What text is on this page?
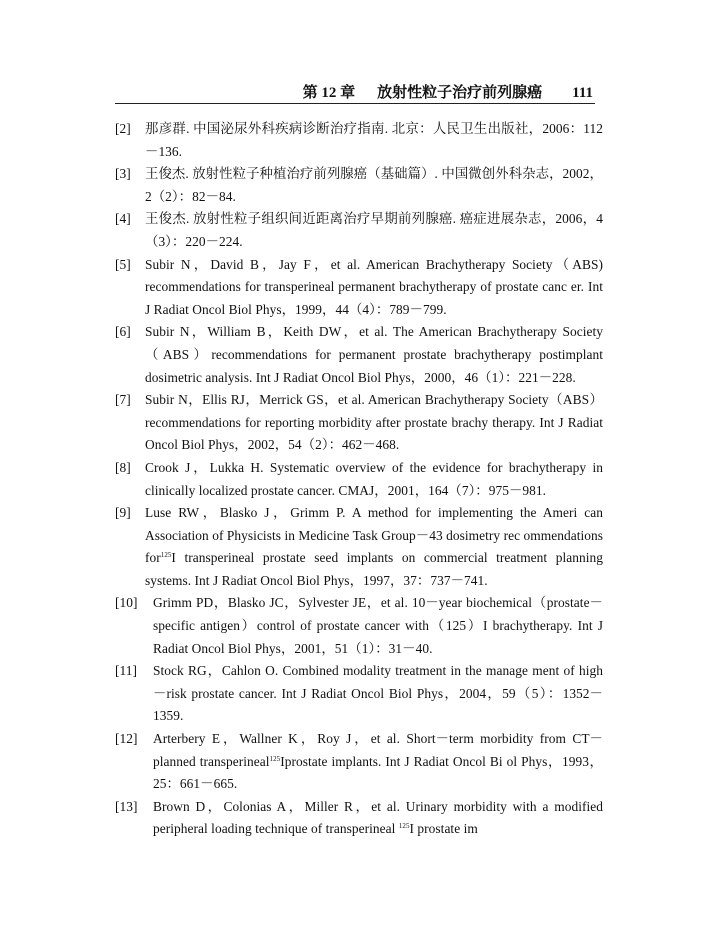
第 12 章 放射性粒子治疗前列腺癌 111
[2] 那彦群. 中国泌尿外科疾病诊断治疗指南. 北京：人民卫生出版社，2006：112－136.
[3] 王俊杰. 放射性粒子种植治疗前列腺癌（基础篇）. 中国微创外科杂志，2002，2（2）：82－84.
[4] 王俊杰. 放射性粒子组织间近距离治疗早期前列腺癌. 癌症进展杂志，2006，4（3）：220－224.
[5] Subir N，David B，Jay F，et al. American Brachytherapy Society（ABS) recommendations for transperineal permanent brachytherapy of prostate canc er. Int J Radiat Oncol Biol Phys，1999，44（4）：789－799.
[6] Subir N，William B，Keith DW，et al. The American Brachytherapy Society（ABS）recommendations for permanent prostate brachytherapy postimplant dosimetric analysis. Int J Radiat Oncol Biol Phys，2000，46（1）：221－228.
[7] Subir N，Ellis RJ，Merrick GS，et al. American Brachytherapy Society（ABS）recommendations for reporting morbidity after prostate brachy therapy. Int J Radiat Oncol Biol Phys，2002，54（2）：462－468.
[8] Crook J，Lukka H. Systematic overview of the evidence for brachytherapy in clinically localized prostate cancer. CMAJ，2001，164（7）：975－981.
[9] Luse RW，Blasko J，Grimm P. A method for implementing the Ameri can Association of Physicists in Medicine Task Group－43 dosimetry rec ommendations for$^{125}$I transperineal prostate seed implants on commercial treatment planning systems. Int J Radiat Oncol Biol Phys，1997，37：737－741.
[10] Grimm PD，Blasko JC，Sylvester JE，et al. 10－year biochemical（prostate－specific antigen）control of prostate cancer with（125）I brachytherapy. Int J Radiat Oncol Biol Phys，2001，51（1）：31－40.
[11] Stock RG，Cahlon O. Combined modality treatment in the manage ment of high－risk prostate cancer. Int J Radiat Oncol Biol Phys，2004，59（5）：1352－1359.
[12] Arterbery E，Wallner K，Roy J，et al. Short－term morbidity from CT－planned transperineal$^{125}$Iprostate implants. Int J Radiat Oncol Bi ol Phys，1993，25：661－665.
[13] Brown D，Colonias A，Miller R，et al. Urinary morbidity with a modified peripheral loading technique of transperineal $^{125}$I prostate im
